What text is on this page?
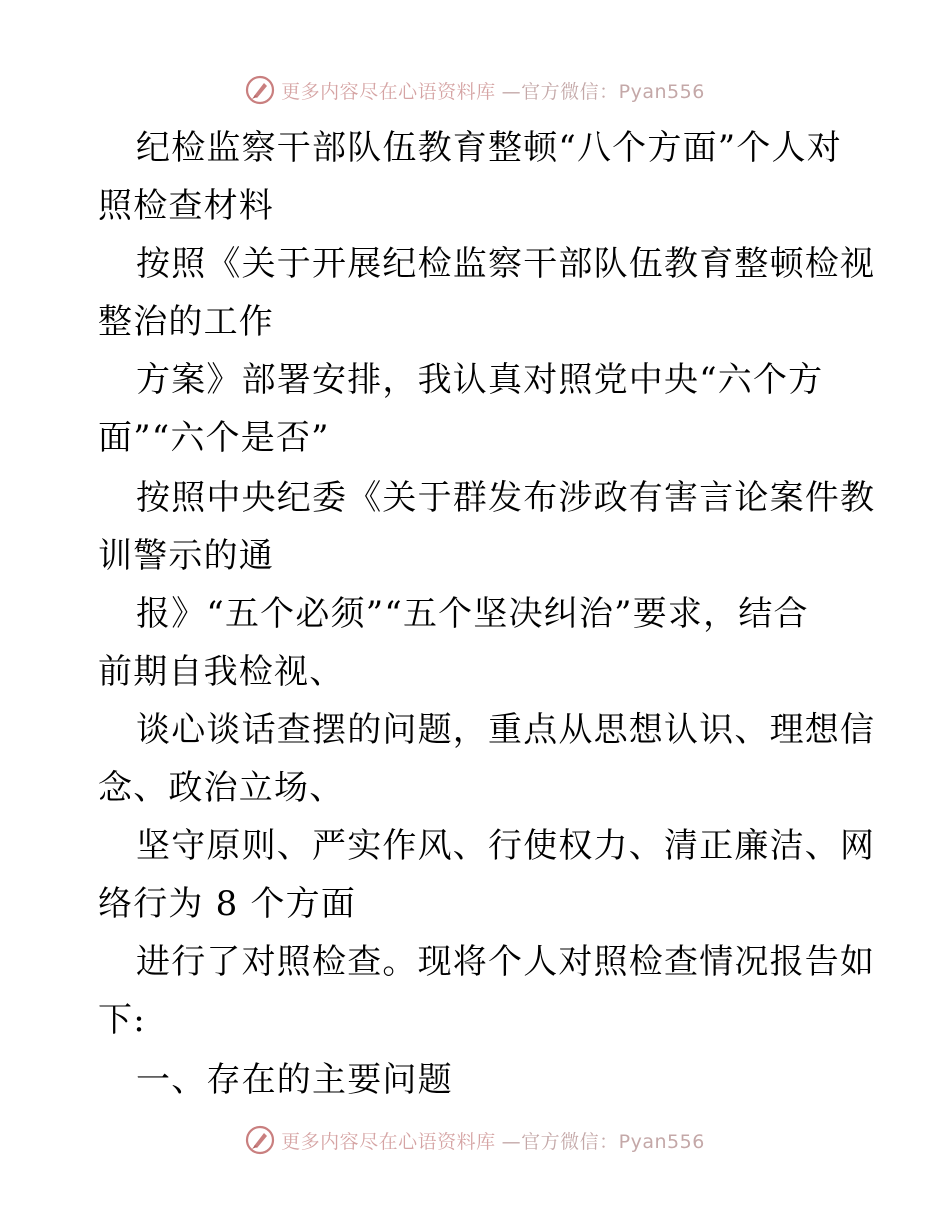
更多内容尽在心语资料库 —官方微信：Pyan556
纪检监察干部队伍教育整顿“八个方面”个人对
照检查材料
按照《关于开展纪检监察干部队伍教育整顿检视
整治的工作
方案》部署安排，我认真对照党中央“六个方
面”“六个是否”
按照中央纪委《关于群发布涉政有害言论案件教
训警示的通
报》“五个必须”“五个坚决纠治”要求，结合
前期自我检视、
谈心谈话查摆的问题，重点从思想认识、理想信
念、政治立场、
坚守原则、严实作风、行使权力、清正廉洁、网
络行为 8 个方面
进行了对照检查。现将个人对照检查情况报告如
下:
一、存在的主要问题
更多内容尽在心语资料库 —官方微信：Pyan556
